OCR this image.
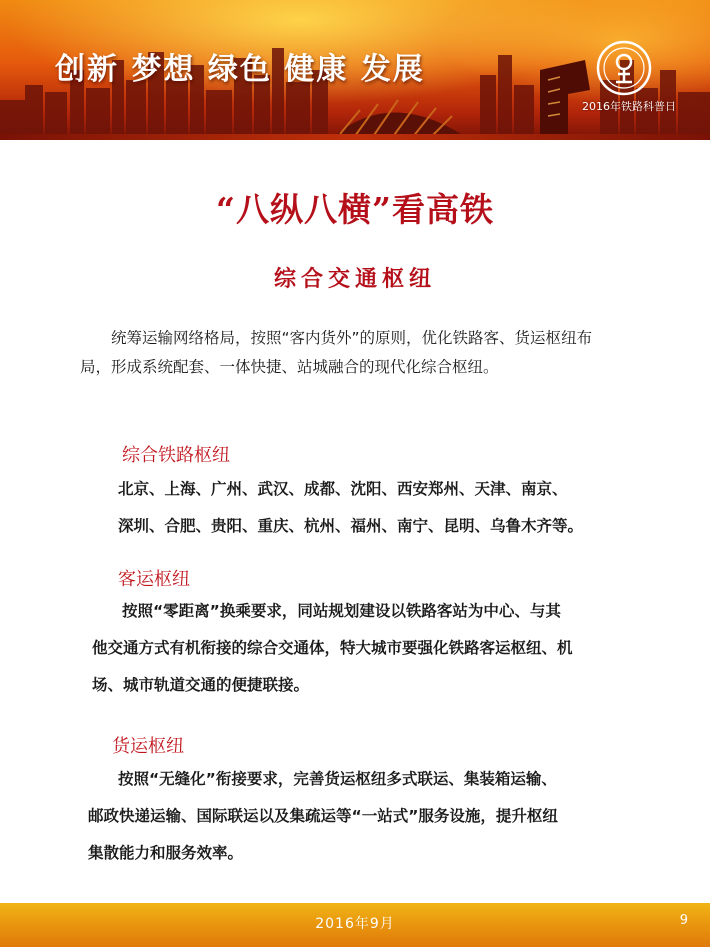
创新 梦想 绿色 健康 发展
2016年铁路科普日
“八纵八横”看高铁
综合交通枢纽
统筹运输网络格局，按照“客内货外”的原则，优化铁路客、货运枢纽布局，形成系统配套、一体快捷、站城融合的现代化综合枢纽。
综合铁路枢纽
北京、上海、广州、武汉、成都、沈阳、西安郑州、天津、南京、
深圳、合肥、贵阳、重庆、杭州、福州、南宁、昆明、乌鲁木齐等。
客运枢纽
按照“零距离”换乘要求，同站规划建设以铁路客站为中心、与其
他交通方式有机衔接的综合交通体，特大城市要强化铁路客运枢纽、机
场、城市轨道交通的便捷联接。
货运枢纽
按照“无缝化”衔接要求，完善货运枢纽多式联运、集装箱运输、
邮政快递运输、国际联运以及集疏运等“一站式”服务设施，提升枢纽
集散能力和服务效率。
2016年9月	9
